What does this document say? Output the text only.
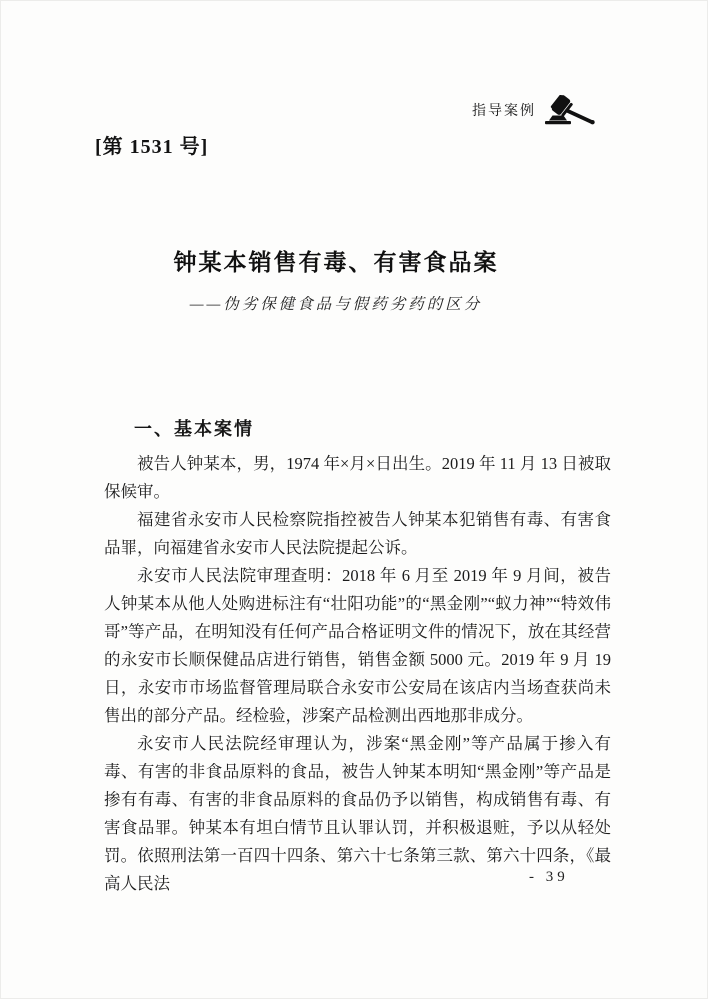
指导案例
[第 1531 号]
钟某本销售有毒、有害食品案
——伪劣保健食品与假药劣药的区分
一、基本案情

被告人钟某本，男，1974 年×月×日出生。2019 年 11 月 13 日被取保候审。

福建省永安市人民检察院指控被告人钟某本犯销售有毒、有害食品罪，向福建省永安市人民法院提起公诉。

永安市人民法院审理查明：2018 年 6 月至 2019 年 9 月间，被告人钟某本从他人处购进标注有“壮阳功能”的“黑金刚”“蚁力神”“特效伟哥”等产品，在明知没有任何产品合格证明文件的情况下，放在其经营的永安市长顺保健品店进行销售，销售金额 5000 元。2019 年 9 月 19 日，永安市市场监督管理局联合永安市公安局在该店内当场查获尚未售出的部分产品。经检验，涉案产品检测出西地那非成分。

永安市人民法院经审理认为，涉案“黑金刚”等产品属于掺入有毒、有害的非食品原料的食品，被告人钟某本明知“黑金刚”等产品是掺有有毒、有害的非食品原料的食品仍予以销售，构成销售有毒、有害食品罪。钟某本有坦白情节且认罪认罚，并积极退赃，予以从轻处罚。依照刑法第一百四十四条、第六十七条第三款、第六十四条，《最高人民法	- 39
